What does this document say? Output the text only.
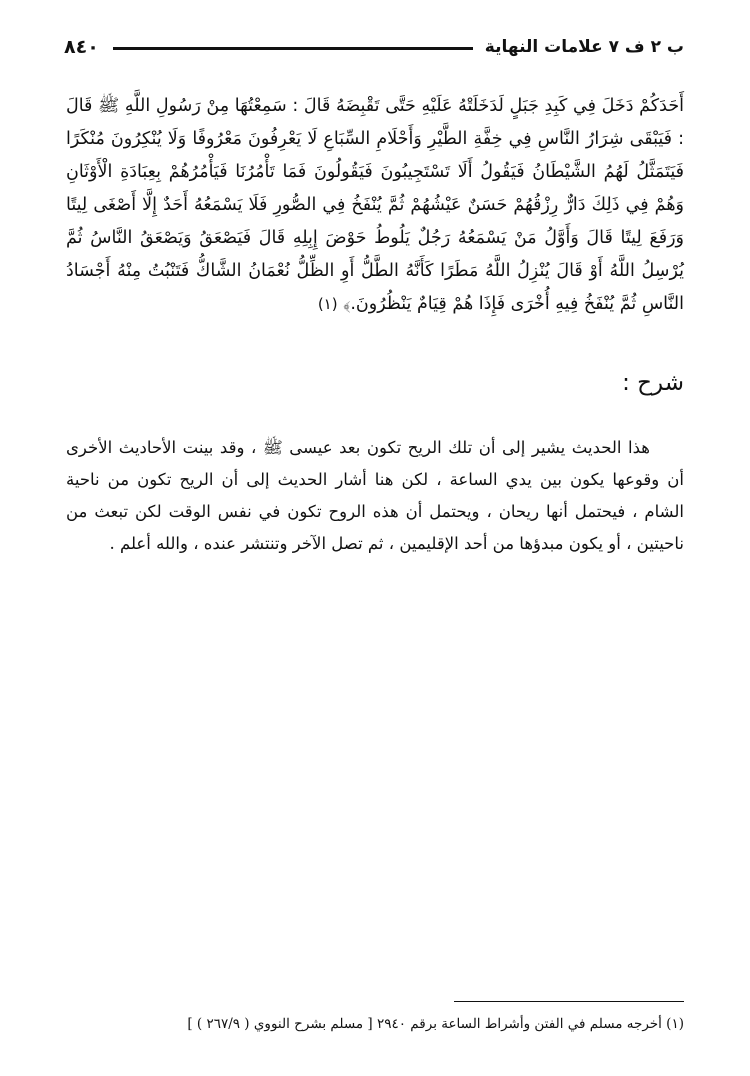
ب ٢ ف ٧ علامات النهاية
٨٤٠
أَحَدَكُمْ دَخَلَ فِي كَبِدِ جَبَلٍ لَدَخَلَتْهُ عَلَيْهِ حَتَّى تَقْبِضَهُ قَالَ : سَمِعْتُهَا مِنْ رَسُولِ اللَّهِ ﷺ قَالَ : فَيَبْقَى شِرَارُ النَّاسِ فِي خِفَّةِ الطَّيْرِ وَأَحْلَامِ السِّبَاعِ لَا يَعْرِفُونَ مَعْرُوفًا وَلَا يُنْكِرُونَ مُنْكَرًا فَيَتَمَثَّلُ لَهُمُ الشَّيْطَانُ فَيَقُولُ أَلَا تَسْتَجِيبُونَ فَيَقُولُونَ فَمَا تَأْمُرُنَا فَيَأْمُرُهُمْ بِعِبَادَةِ الْأَوْثَانِ وَهُمْ فِي ذَلِكَ دَارٌّ رِزْقُهُمْ حَسَنٌ عَيْشُهُمْ ثُمَّ يُنْفَخُ فِي الصُّورِ فَلَا يَسْمَعُهُ أَحَدٌ إِلَّا أَصْغَى لِيتًا وَرَفَعَ لِيتًا قَالَ وَأَوَّلُ مَنْ يَسْمَعُهُ رَجُلٌ يَلُوطُ حَوْضَ إِبِلِهِ قَالَ فَيَصْعَقُ وَيَصْعَقُ النَّاسُ ثُمَّ يُرْسِلُ اللَّهُ أَوْ قَالَ يُنْزِلُ اللَّهُ مَطَرًا كَأَنَّهُ الطَّلُّ أَوِ الظِّلُّ نُعْمَانُ الشَّاكُّ فَتَنْبُتُ مِنْهُ أَجْسَادُ النَّاسِ ثُمَّ يُنْفَخُ فِيهِ أُخْرَى فَإِذَا هُمْ قِيَامٌ يَنْظُرُونَ.﴾ (١)
شرح :

هذا الحديث يشير إلى أن تلك الريح تكون بعد عيسى ﷺ ، وقد بينت الأحاديث الأخرى أن وقوعها يكون بين يدي الساعة ، لكن هنا أشار الحديث إلى أن الريح تكون من ناحية الشام ، فيحتمل أنها ريحان ، ويحتمل أن هذه الروح تكون في نفس الوقت لكن تبعث من ناحيتين ، أو يكون مبدؤها من أحد الإقليمين ، ثم تصل الآخر وتنتشر عنده ، والله أعلم .

(١) أخرجه مسلم في الفتن وأشراط الساعة برقم ٢٩٤٠ [ مسلم بشرح النووي ( ٢٦٧/٩ ) ]
